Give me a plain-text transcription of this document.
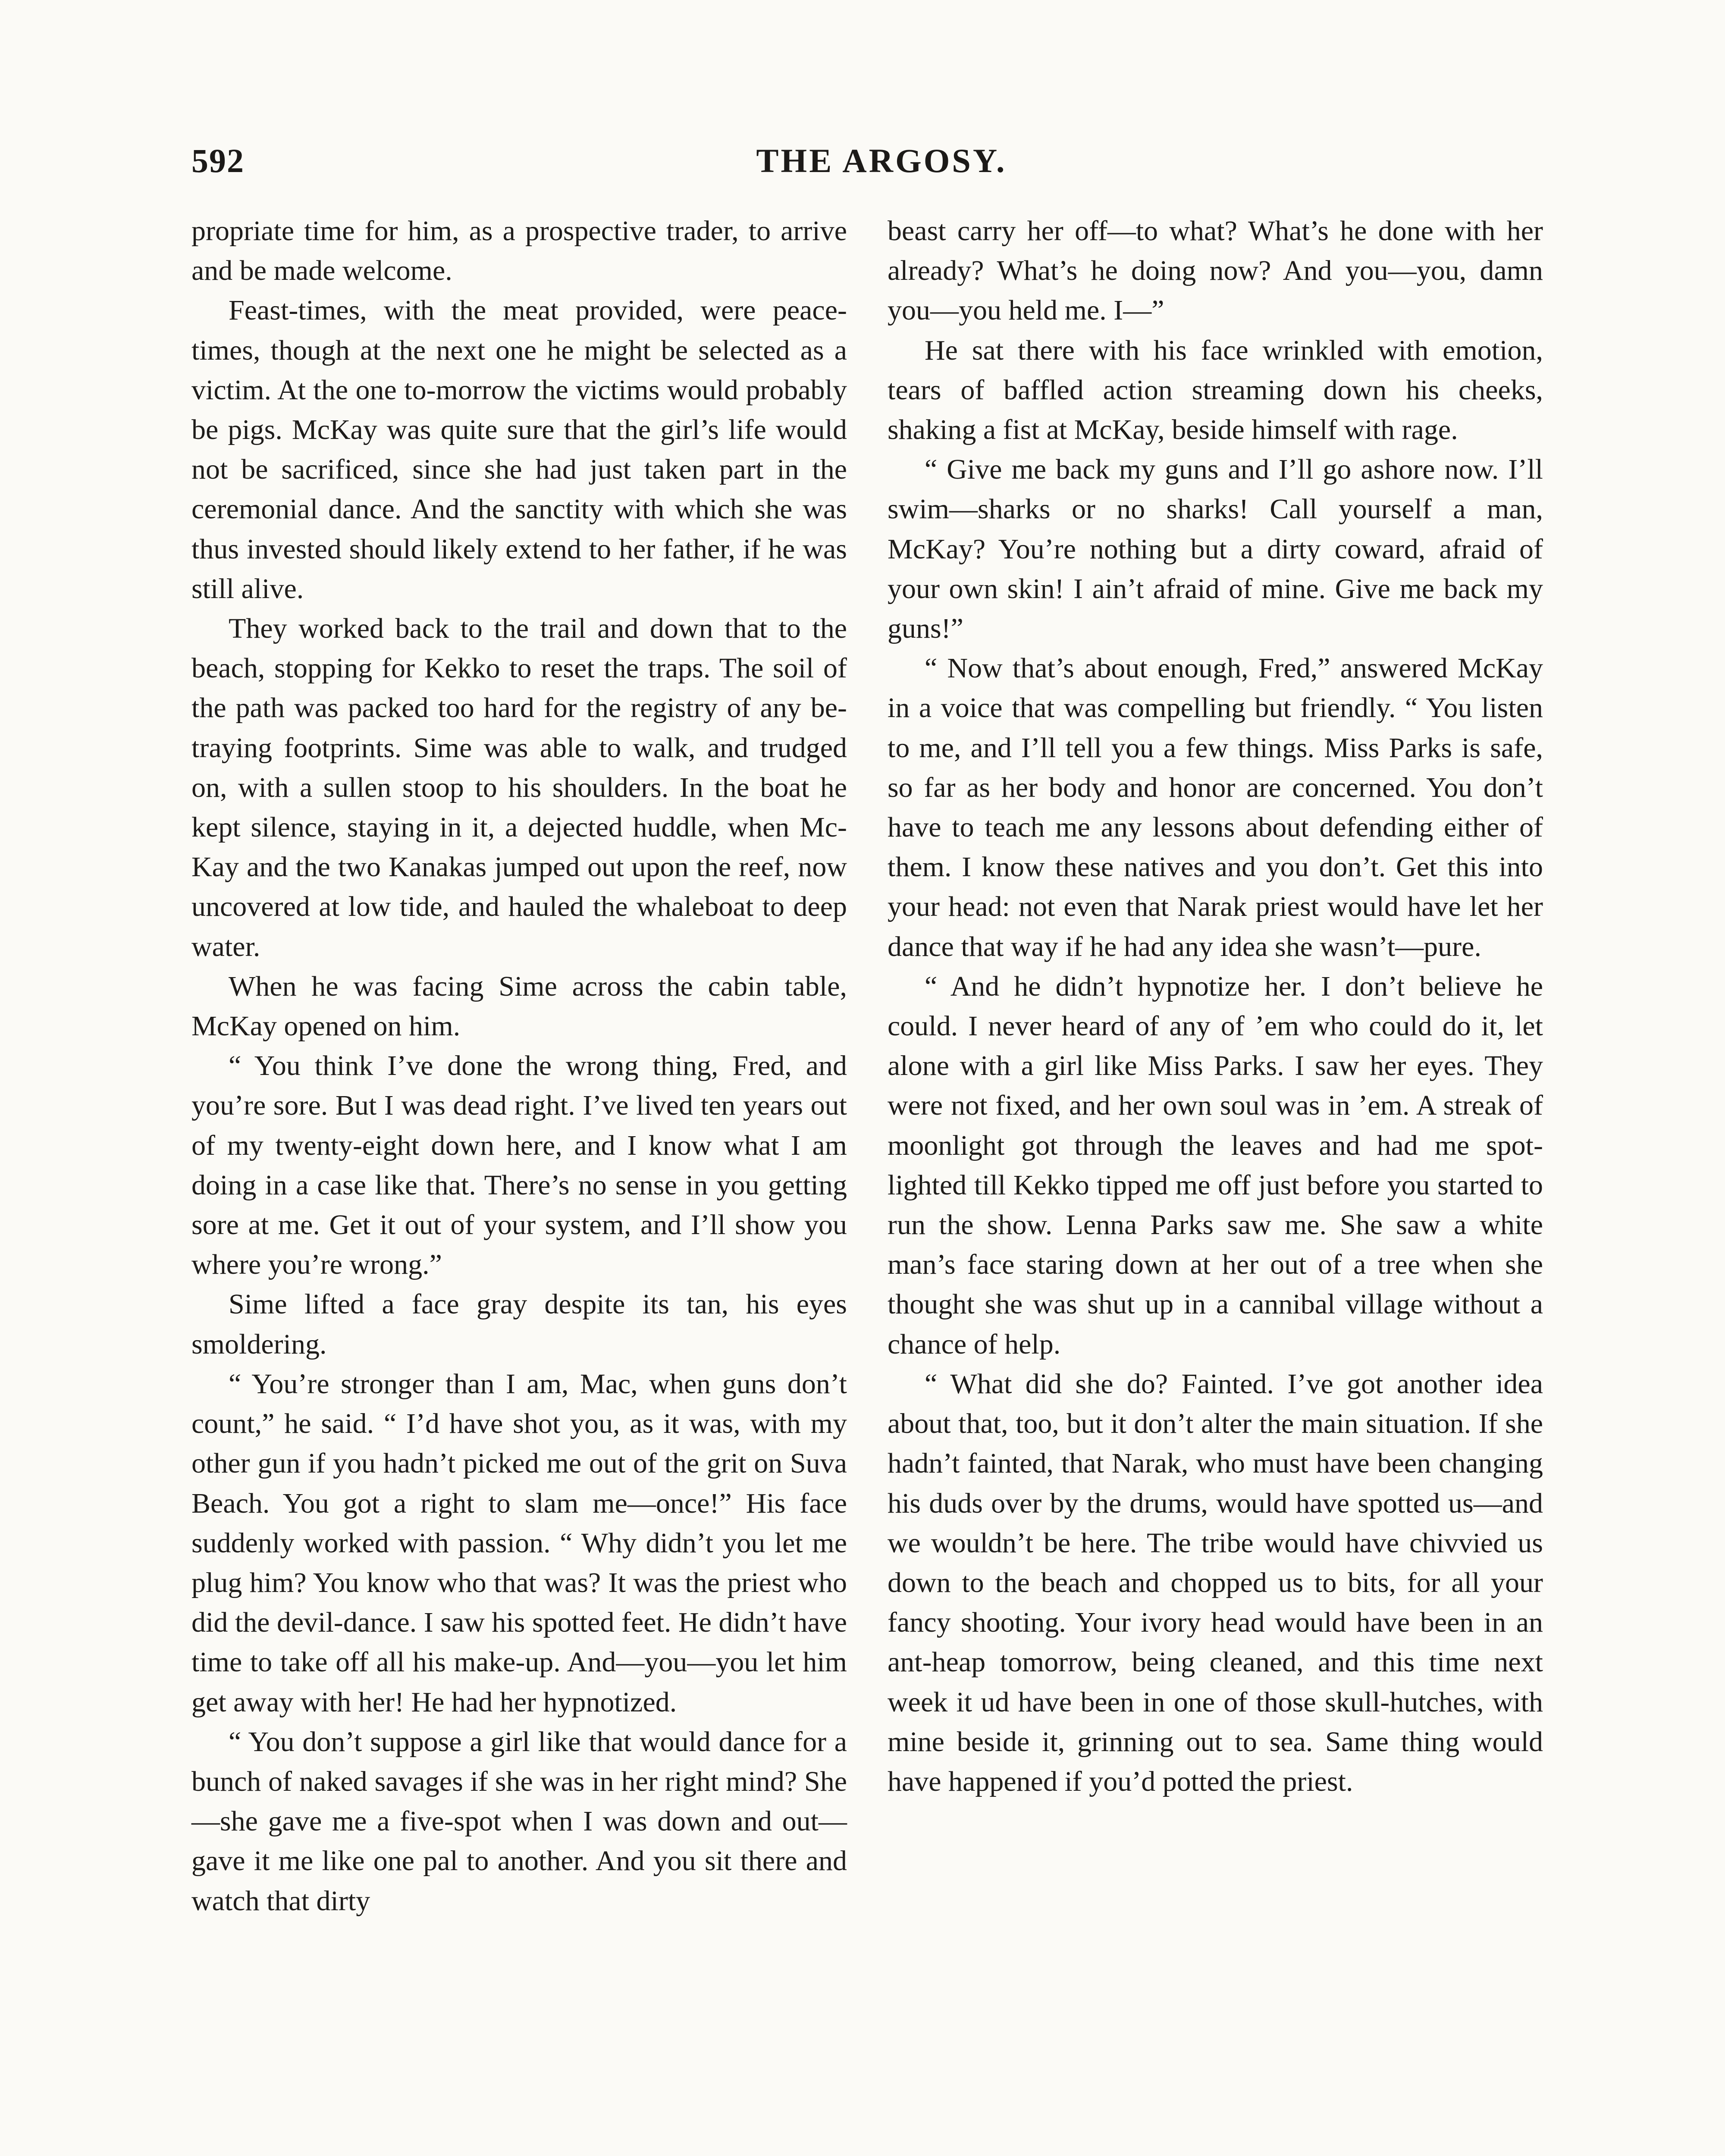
592	THE ARGOSY.

propriate time for him, as a prospective trader, to arrive and be made welcome.

Feast-times, with the meat provided, were peace-times, though at the next one he might be selected as a victim. At the one to-morrow the victims would probably be pigs. McKay was quite sure that the girl’s life would not be sacrificed, since she had just taken part in the ceremonial dance. And the sanctity with which she was thus invested should likely extend to her father, if he was still alive.

They worked back to the trail and down that to the beach, stopping for Kekko to reset the traps. The soil of the path was packed too hard for the registry of any betraying footprints. Sime was able to walk, and trudged on, with a sullen stoop to his shoulders. In the boat he kept silence, staying in it, a dejected huddle, when McKay and the two Kanakas jumped out upon the reef, now uncovered at low tide, and hauled the whaleboat to deep water.

When he was facing Sime across the cabin table, McKay opened on him.

“ You think I’ve done the wrong thing, Fred, and you’re sore. But I was dead right. I’ve lived ten years out of my twenty-eight down here, and I know what I am doing in a case like that. There’s no sense in you getting sore at me. Get it out of your system, and I’ll show you where you’re wrong.”

Sime lifted a face gray despite its tan, his eyes smoldering.

“ You’re stronger than I am, Mac, when guns don’t count,” he said. “ I’d have shot you, as it was, with my other gun if you hadn’t picked me out of the grit on Suva Beach. You got a right to slam me—once!” His face suddenly worked with passion. “ Why didn’t you let me plug him? You know who that was? It was the priest who did the devil-dance. I saw his spotted feet. He didn’t have time to take off all his make-up. And—you—you let him get away with her! He had her hypnotized.

“ You don’t suppose a girl like that would dance for a bunch of naked savages if she was in her right mind? She—she gave me a five-spot when I was down and out—gave it me like one pal to another. And you sit there and watch that dirty

beast carry her off—to what? What’s he done with her already? What’s he doing now? And you—you, damn you—you held me. I—”

He sat there with his face wrinkled with emotion, tears of baffled action streaming down his cheeks, shaking a fist at McKay, beside himself with rage.

“ Give me back my guns and I’ll go ashore now. I’ll swim—sharks or no sharks! Call yourself a man, McKay? You’re nothing but a dirty coward, afraid of your own skin! I ain’t afraid of mine. Give me back my guns!”

“ Now that’s about enough, Fred,” answered McKay in a voice that was compelling but friendly. “ You listen to me, and I’ll tell you a few things. Miss Parks is safe, so far as her body and honor are concerned. You don’t have to teach me any lessons about defending either of them. I know these natives and you don’t. Get this into your head: not even that Narak priest would have let her dance that way if he had any idea she wasn’t—pure.

“ And he didn’t hypnotize her. I don’t believe he could. I never heard of any of ’em who could do it, let alone with a girl like Miss Parks. I saw her eyes. They were not fixed, and her own soul was in ’em. A streak of moonlight got through the leaves and had me spot-lighted till Kekko tipped me off just before you started to run the show. Lenna Parks saw me. She saw a white man’s face staring down at her out of a tree when she thought she was shut up in a cannibal village without a chance of help.

“ What did she do? Fainted. I’ve got another idea about that, too, but it don’t alter the main situation. If she hadn’t fainted, that Narak, who must have been changing his duds over by the drums, would have spotted us—and we wouldn’t be here. The tribe would have chivvied us down to the beach and chopped us to bits, for all your fancy shooting. Your ivory head would have been in an ant-heap tomorrow, being cleaned, and this time next week it ud have been in one of those skull-hutches, with mine beside it, grinning out to sea. Same thing would have happened if you’d potted the priest.
